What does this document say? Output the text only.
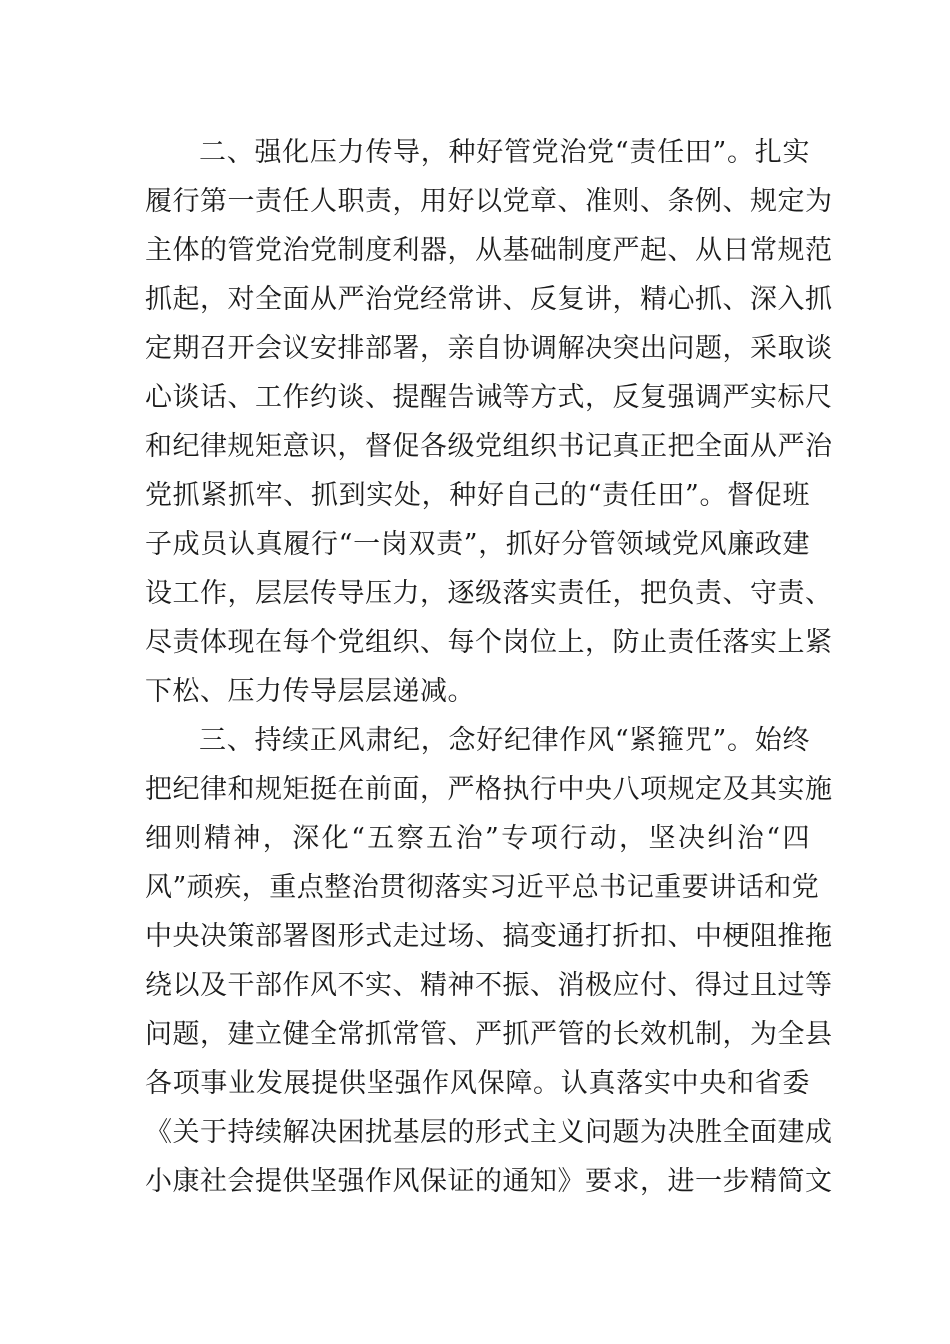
二、强化压力传导，种好管党治党“责任田”。扎实
履行第一责任人职责，用好以党章、准则、条例、规定为
主体的管党治党制度利器，从基础制度严起、从日常规范
抓起，对全面从严治党经常讲、反复讲，精心抓、深入抓
定期召开会议安排部署，亲自协调解决突出问题，采取谈
心谈话、工作约谈、提醒告诫等方式，反复强调严实标尺
和纪律规矩意识，督促各级党组织书记真正把全面从严治
党抓紧抓牢、抓到实处，种好自己的“责任田”。督促班
子成员认真履行“一岗双责”，抓好分管领域党风廉政建
设工作，层层传导压力，逐级落实责任，把负责、守责、
尽责体现在每个党组织、每个岗位上，防止责任落实上紧
下松、压力传导层层递减。
三、持续正风肃纪，念好纪律作风“紧箍咒”。始终
把纪律和规矩挺在前面，严格执行中央八项规定及其实施
细则精神，深化“五察五治”专项行动，坚决纠治“四
风”顽疾，重点整治贯彻落实习近平总书记重要讲话和党
中央决策部署图形式走过场、搞变通打折扣、中梗阻推拖
绕以及干部作风不实、精神不振、消极应付、得过且过等
问题，建立健全常抓常管、严抓严管的长效机制，为全县
各项事业发展提供坚强作风保障。认真落实中央和省委
《关于持续解决困扰基层的形式主义问题为决胜全面建成
小康社会提供坚强作风保证的通知》要求，进一步精简文
